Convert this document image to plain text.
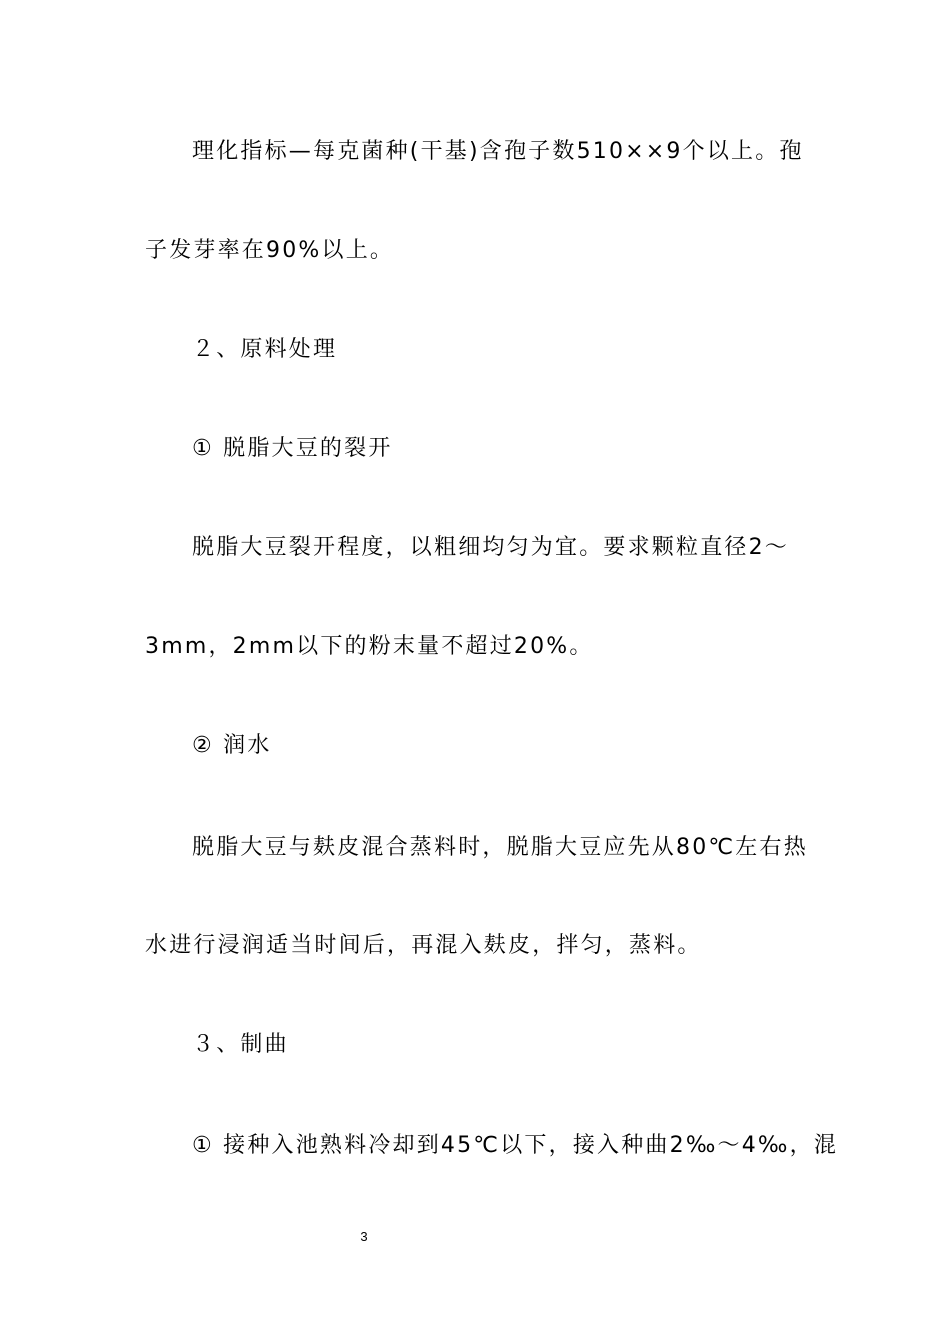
理化指标—每克菌种(干基)含孢子数510××9个以上。孢
子发芽率在90%以上。
２、原料处理
① 脱脂大豆的裂开
脱脂大豆裂开程度，以粗细均匀为宜。要求颗粒直径2～
3mm，2mm以下的粉末量不超过20%。
② 润水
脱脂大豆与麸皮混合蒸料时，脱脂大豆应先从80℃左右热
水进行浸润适当时间后，再混入麸皮，拌匀，蒸料。
３、制曲
① 接种入池熟料冷却到45℃以下，接入种曲2‰～4‰，混
3
